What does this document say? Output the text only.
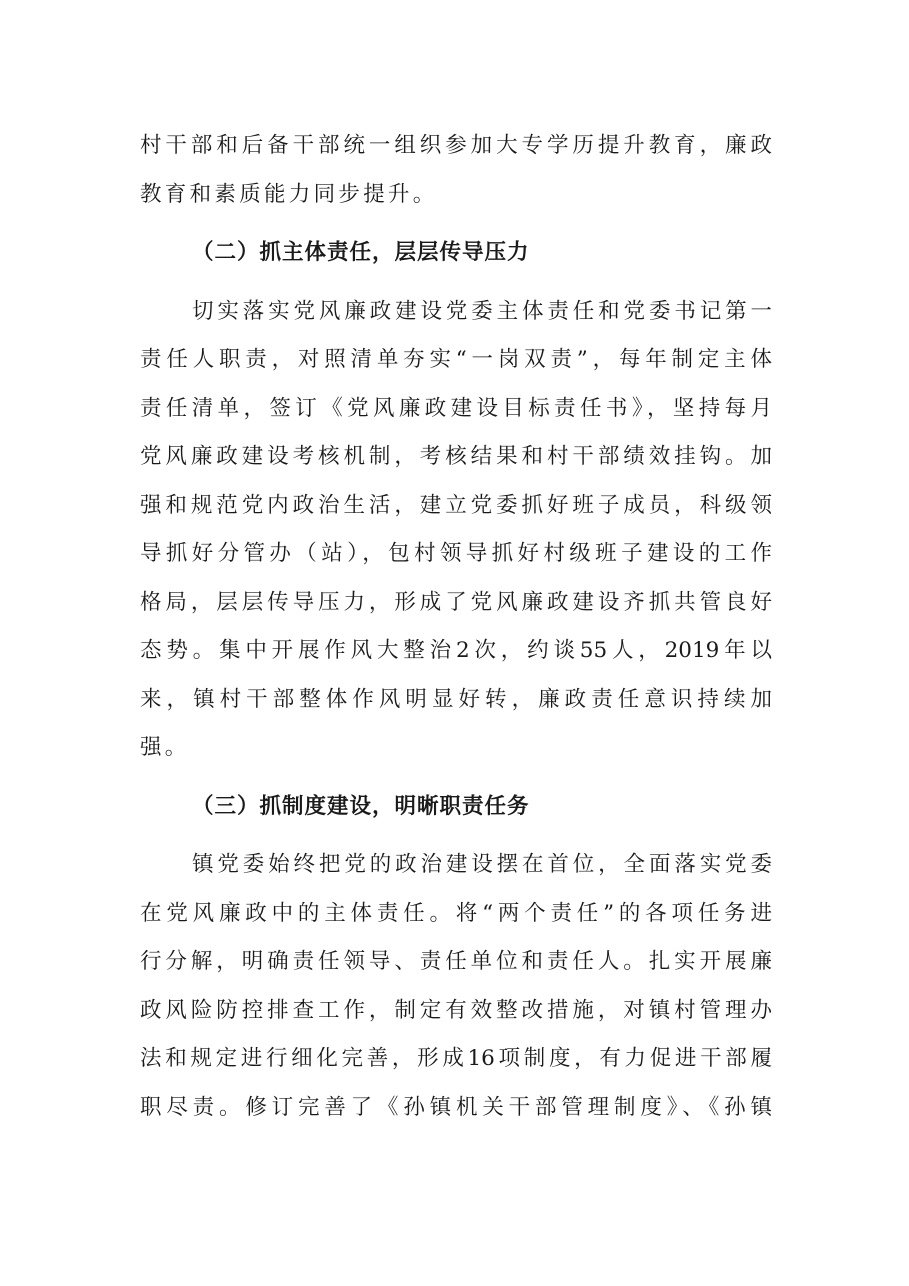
村干部和后备干部统一组织参加大专学历提升教育，廉政
教育和素质能力同步提升。
（二）抓主体责任，层层传导压力
切实落实党风廉政建设党委主体责任和党委书记第一
责任人职责，对照清单夯实“一岗双责”，每年制定主体
责任清单，签订《党风廉政建设目标责任书》，坚持每月
党风廉政建设考核机制，考核结果和村干部绩效挂钩。加
强和规范党内政治生活，建立党委抓好班子成员，科级领
导抓好分管办（站），包村领导抓好村级班子建设的工作
格局，层层传导压力，形成了党风廉政建设齐抓共管良好
态势。集中开展作风大整治2次，约谈55人，2019年以
来，镇村干部整体作风明显好转，廉政责任意识持续加
强。
（三）抓制度建设，明晰职责任务
镇党委始终把党的政治建设摆在首位，全面落实党委
在党风廉政中的主体责任。将“两个责任”的各项任务进
行分解，明确责任领导、责任单位和责任人。扎实开展廉
政风险防控排查工作，制定有效整改措施，对镇村管理办
法和规定进行细化完善，形成16项制度，有力促进干部履
职尽责。修订完善了《孙镇机关干部管理制度》、《孙镇
